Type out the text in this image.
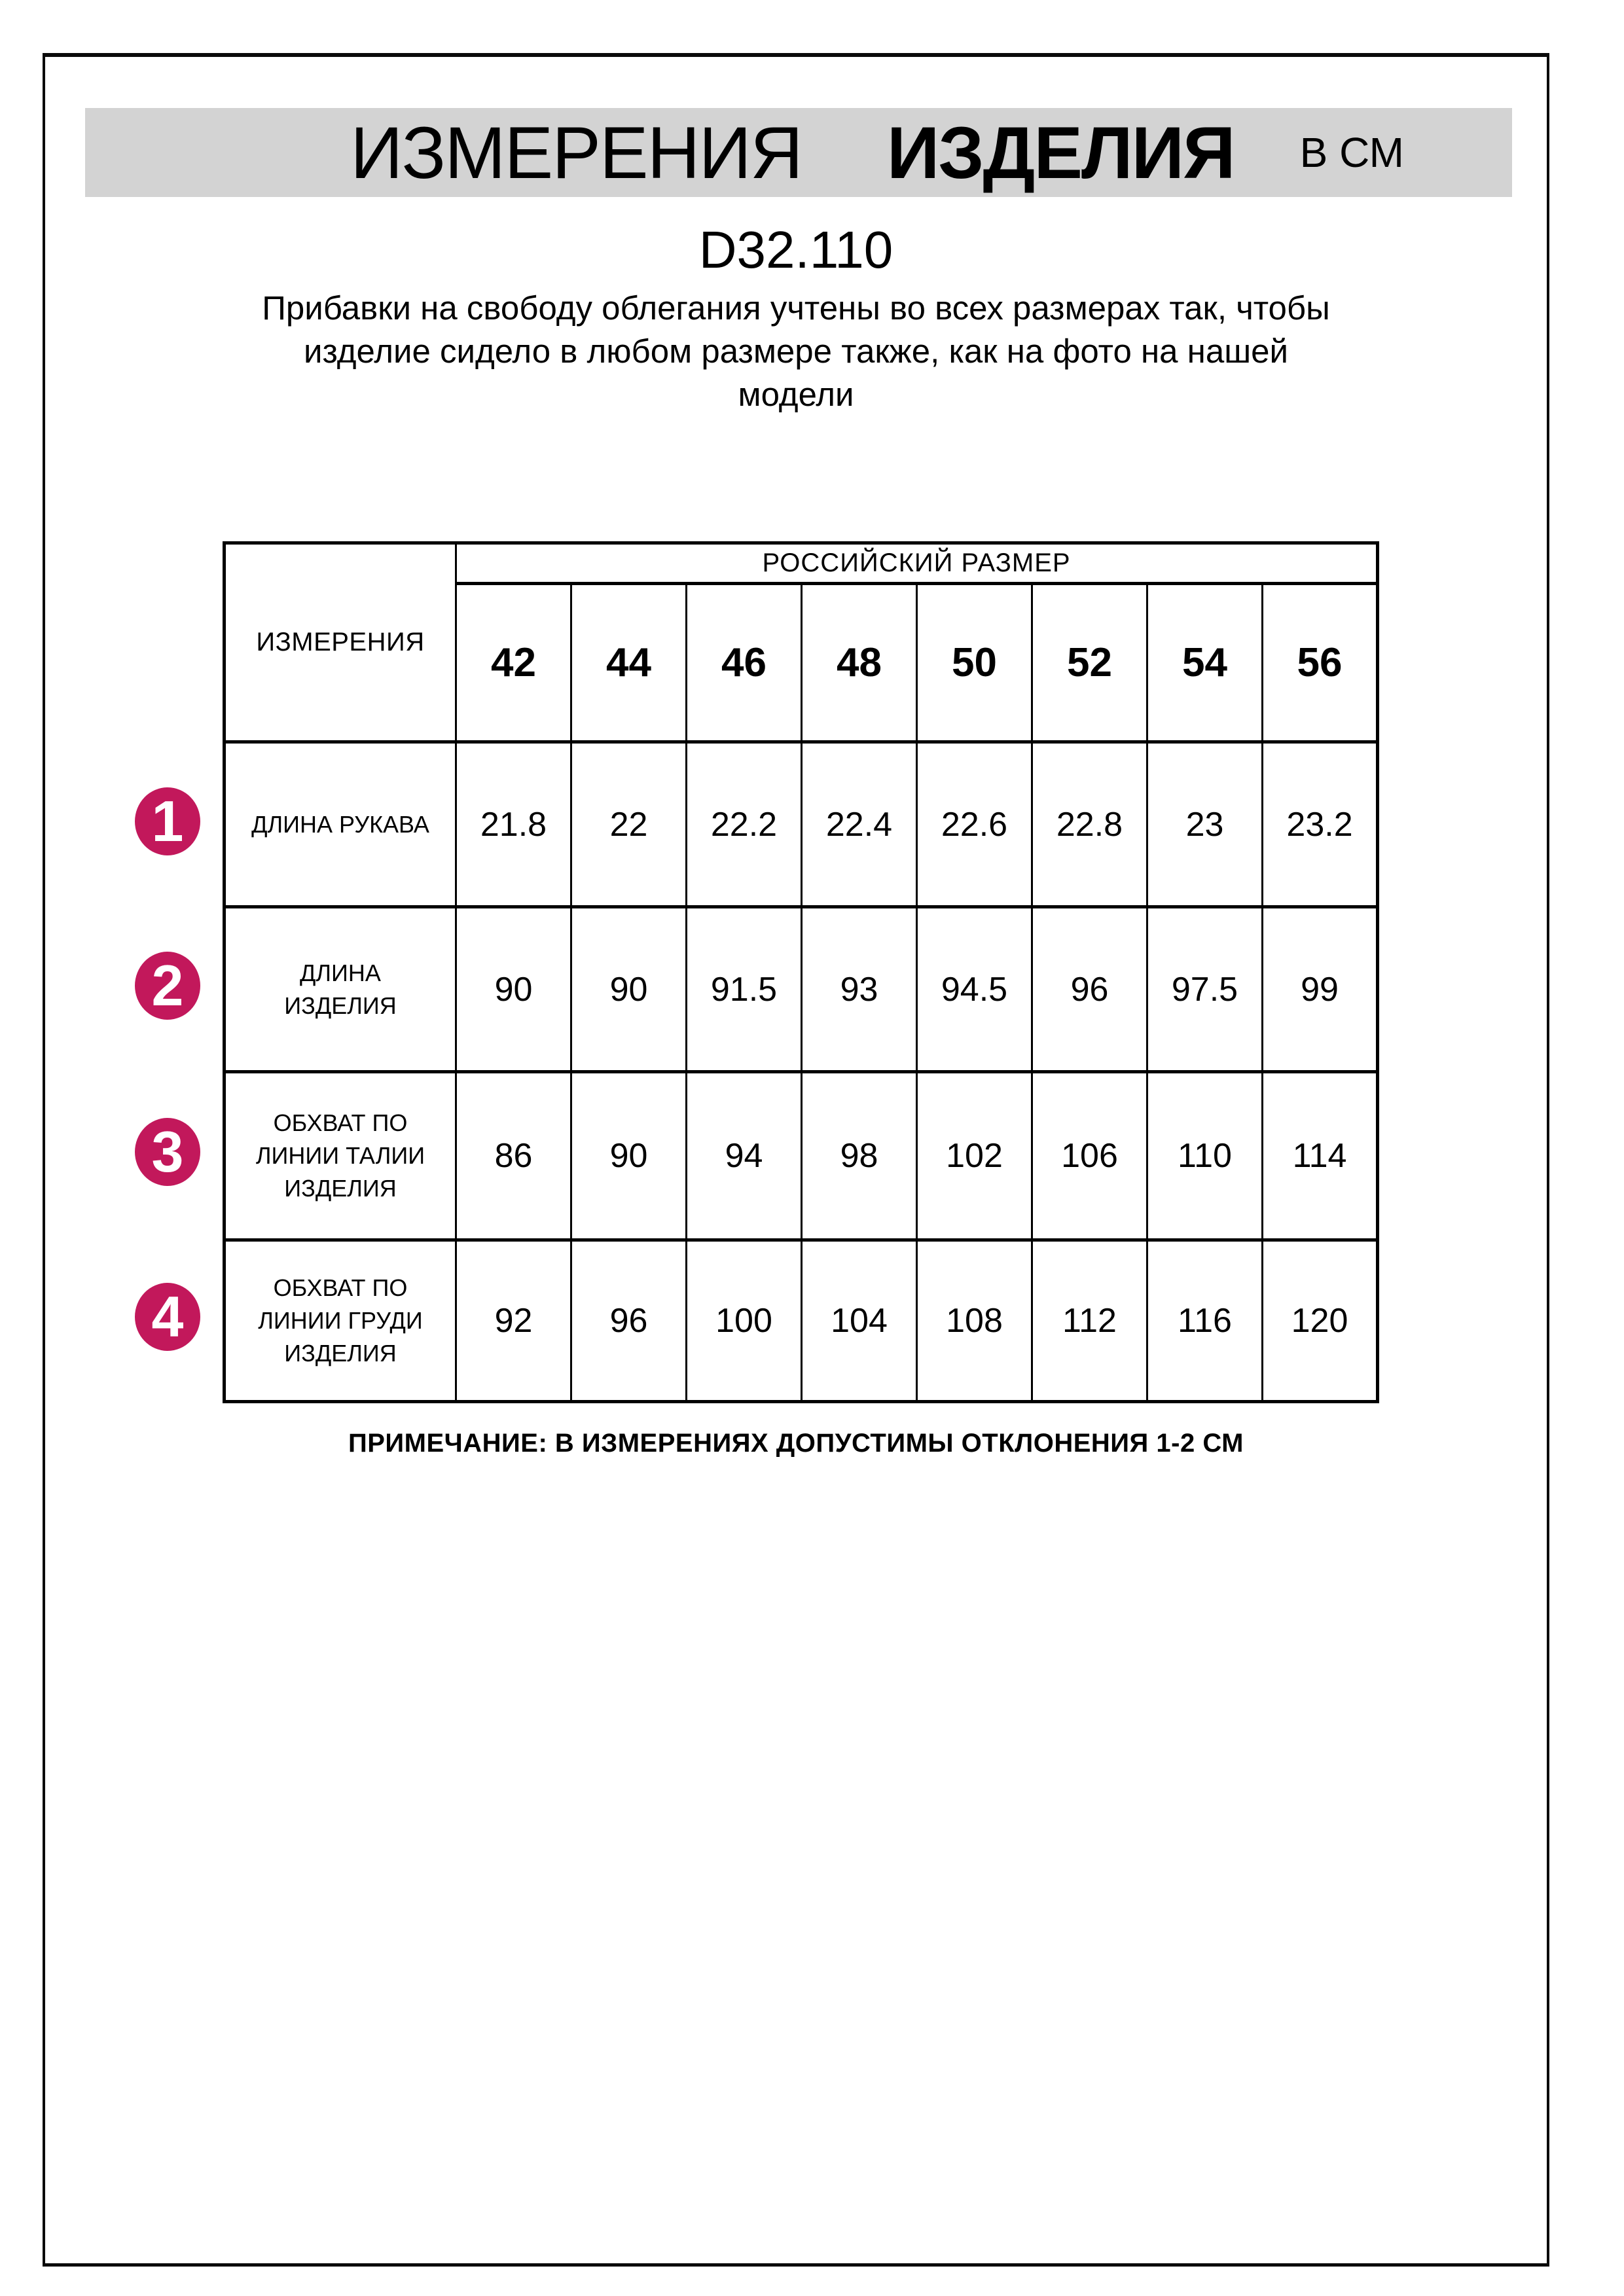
ИЗМЕРЕНИЯ ИЗДЕЛИЯ В СМ
D32.110
Прибавки на свободу облегания учтены во всех размерах так, чтобы
изделие сидело в любом размере также, как на фото на нашей
модели
ИЗМЕРЕНИЯ	РОССИЙСКИЙ РАЗМЕР							
	42	44	46	48	50	52	54	56

ДЛИНА РУКАВА	21.8	22	22.2	22.4	22.6	22.8	23	23.2

ДЛИНА
ИЗДЕЛИЯ	90	90	91.5	93	94.5	96	97.5	99

ОБХВАТ ПО
ЛИНИИ ТАЛИИ
ИЗДЕЛИЯ	86	90	94	98	102	106	110	114

ОБХВАТ ПО
ЛИНИИ ГРУДИ
ИЗДЕЛИЯ	92	96	100	104	108	112	116	120
1
2
3
4
ПРИМЕЧАНИЕ: В ИЗМЕРЕНИЯХ ДОПУСТИМЫ ОТКЛОНЕНИЯ 1-2 СМ
